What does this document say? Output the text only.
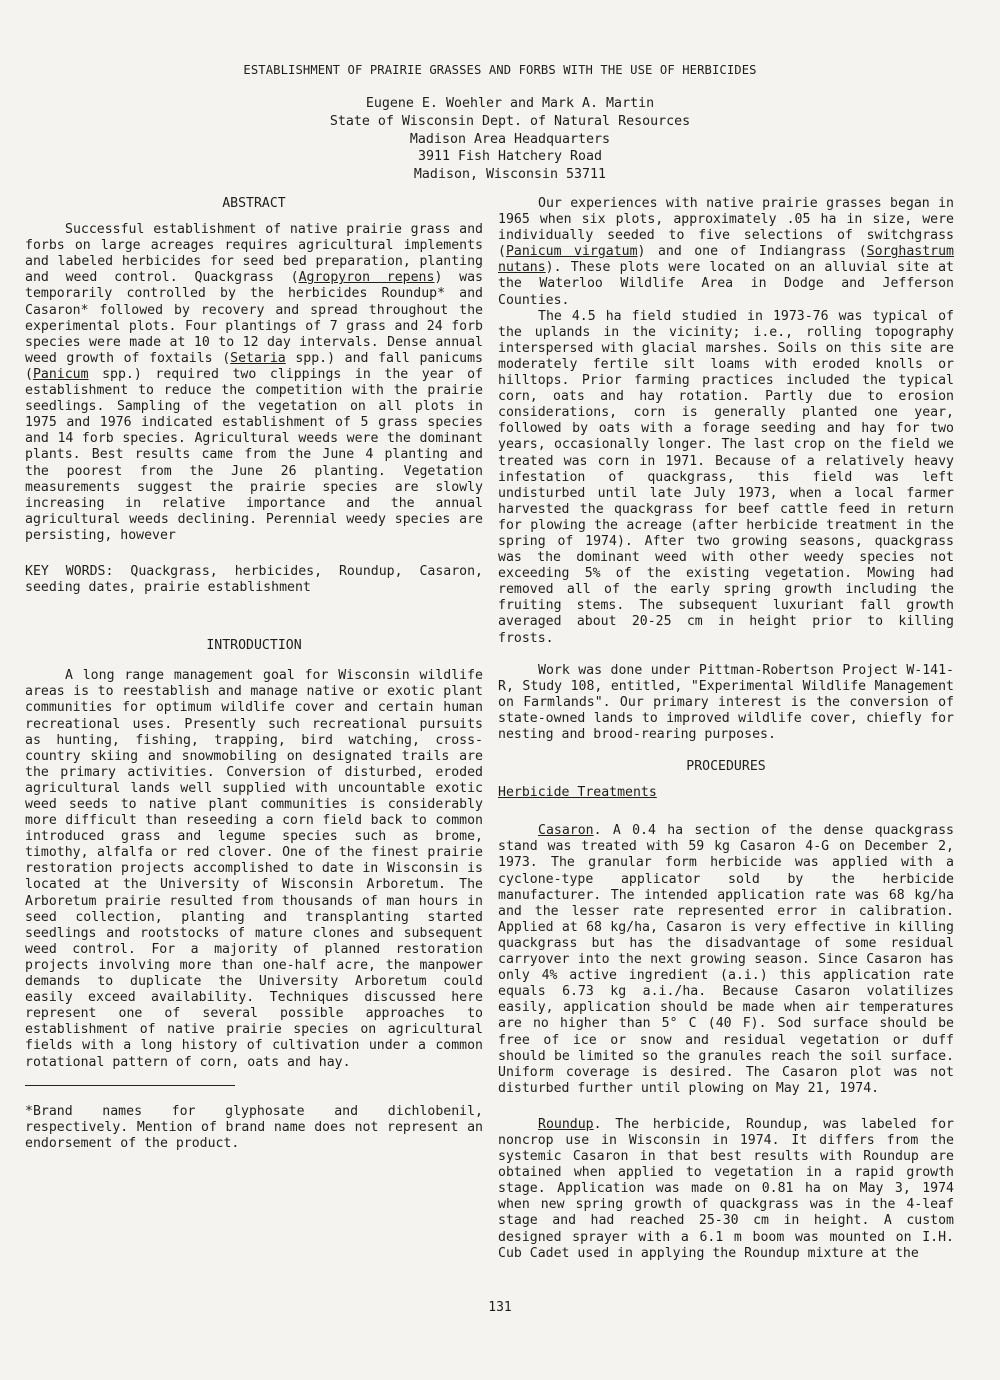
ESTABLISHMENT OF PRAIRIE GRASSES AND FORBS WITH THE USE OF HERBICIDES
Eugene E. Woehler and Mark A. Martin
State of Wisconsin Dept. of Natural Resources
Madison Area Headquarters
3911 Fish Hatchery Road
Madison, Wisconsin 53711
ABSTRACT

Successful establishment of native prairie grass and forbs on large acreages requires agricultural implements and labeled herbicides for seed bed preparation, planting and weed control. Quackgrass (Agropyron repens) was temporarily controlled by the herbicides Roundup* and Casaron* followed by recovery and spread throughout the experimental plots. Four plantings of 7 grass and 24 forb species were made at 10 to 12 day intervals. Dense annual weed growth of foxtails (Setaria spp.) and fall panicums (Panicum spp.) required two clippings in the year of establishment to reduce the competition with the prairie seedlings. Sampling of the vegetation on all plots in 1975 and 1976 indicated establishment of 5 grass species and 14 forb species. Agricultural weeds were the dominant plants. Best results came from the June 4 planting and the poorest from the June 26 planting. Vegetation measurements suggest the prairie species are slowly increasing in relative importance and the annual agricultural weeds declining. Perennial weedy species are persisting, however

KEY WORDS: Quackgrass, herbicides, Roundup, Casaron, seeding dates, prairie establishment

INTRODUCTION

A long range management goal for Wisconsin wildlife areas is to reestablish and manage native or exotic plant communities for optimum wildlife cover and certain human recreational uses. Presently such recreational pursuits as hunting, fishing, trapping, bird watching, cross-country skiing and snowmobiling on designated trails are the primary activities. Conversion of disturbed, eroded agricultural lands well supplied with uncountable exotic weed seeds to native plant communities is considerably more difficult than reseeding a corn field back to common introduced grass and legume species such as brome, timothy, alfalfa or red clover. One of the finest prairie restoration projects accomplished to date in Wisconsin is located at the University of Wisconsin Arboretum. The Arboretum prairie resulted from thousands of man hours in seed collection, planting and transplanting started seedlings and rootstocks of mature clones and subsequent weed control. For a majority of planned restoration projects involving more than one-half acre, the manpower demands to duplicate the University Arboretum could easily exceed availability. Techniques discussed here represent one of several possible approaches to establishment of native prairie species on agricultural fields with a long history of cultivation under a common rotational pattern of corn, oats and hay.

*Brand names for glyphosate and dichlobenil, respectively. Mention of brand name does not represent an endorsement of the product.

Our experiences with native prairie grasses began in 1965 when six plots, approximately .05 ha in size, were individually seeded to five selections of switchgrass (Panicum virgatum) and one of Indiangrass (Sorghastrum nutans). These plots were located on an alluvial site at the Waterloo Wildlife Area in Dodge and Jefferson Counties.

The 4.5 ha field studied in 1973-76 was typical of the uplands in the vicinity; i.e., rolling topography interspersed with glacial marshes. Soils on this site are moderately fertile silt loams with eroded knolls or hilltops. Prior farming practices included the typical corn, oats and hay rotation. Partly due to erosion considerations, corn is generally planted one year, followed by oats with a forage seeding and hay for two years, occasionally longer. The last crop on the field we treated was corn in 1971. Because of a relatively heavy infestation of quackgrass, this field was left undisturbed until late July 1973, when a local farmer harvested the quackgrass for beef cattle feed in return for plowing the acreage (after herbicide treatment in the spring of 1974). After two growing seasons, quackgrass was the dominant weed with other weedy species not exceeding 5% of the existing vegetation. Mowing had removed all of the early spring growth including the fruiting stems. The subsequent luxuriant fall growth averaged about 20-25 cm in height prior to killing frosts.

Work was done under Pittman-Robertson Project W-141-R, Study 108, entitled, "Experimental Wildlife Management on Farmlands". Our primary interest is the conversion of state-owned lands to improved wildlife cover, chiefly for nesting and brood-rearing purposes.

PROCEDURES
Herbicide Treatments

Casaron. A 0.4 ha section of the dense quackgrass stand was treated with 59 kg Casaron 4-G on December 2, 1973. The granular form herbicide was applied with a cyclone-type applicator sold by the herbicide manufacturer. The intended application rate was 68 kg/ha and the lesser rate represented error in calibration. Applied at 68 kg/ha, Casaron is very effective in killing quackgrass but has the disadvantage of some residual carryover into the next growing season. Since Casaron has only 4% active ingredient (a.i.) this application rate equals 6.73 kg a.i./ha. Because Casaron volatilizes easily, application should be made when air temperatures are no higher than 5° C (40 F). Sod surface should be free of ice or snow and residual vegetation or duff should be limited so the granules reach the soil surface. Uniform coverage is desired. The Casaron plot was not disturbed further until plowing on May 21, 1974.

Roundup. The herbicide, Roundup, was labeled for noncrop use in Wisconsin in 1974. It differs from the systemic Casaron in that best results with Roundup are obtained when applied to vegetation in a rapid growth stage. Application was made on 0.81 ha on May 3, 1974 when new spring growth of quackgrass was in the 4-leaf stage and had reached 25-30 cm in height. A custom designed sprayer with a 6.1 m boom was mounted on I.H. Cub Cadet used in applying the Roundup mixture at the

131
